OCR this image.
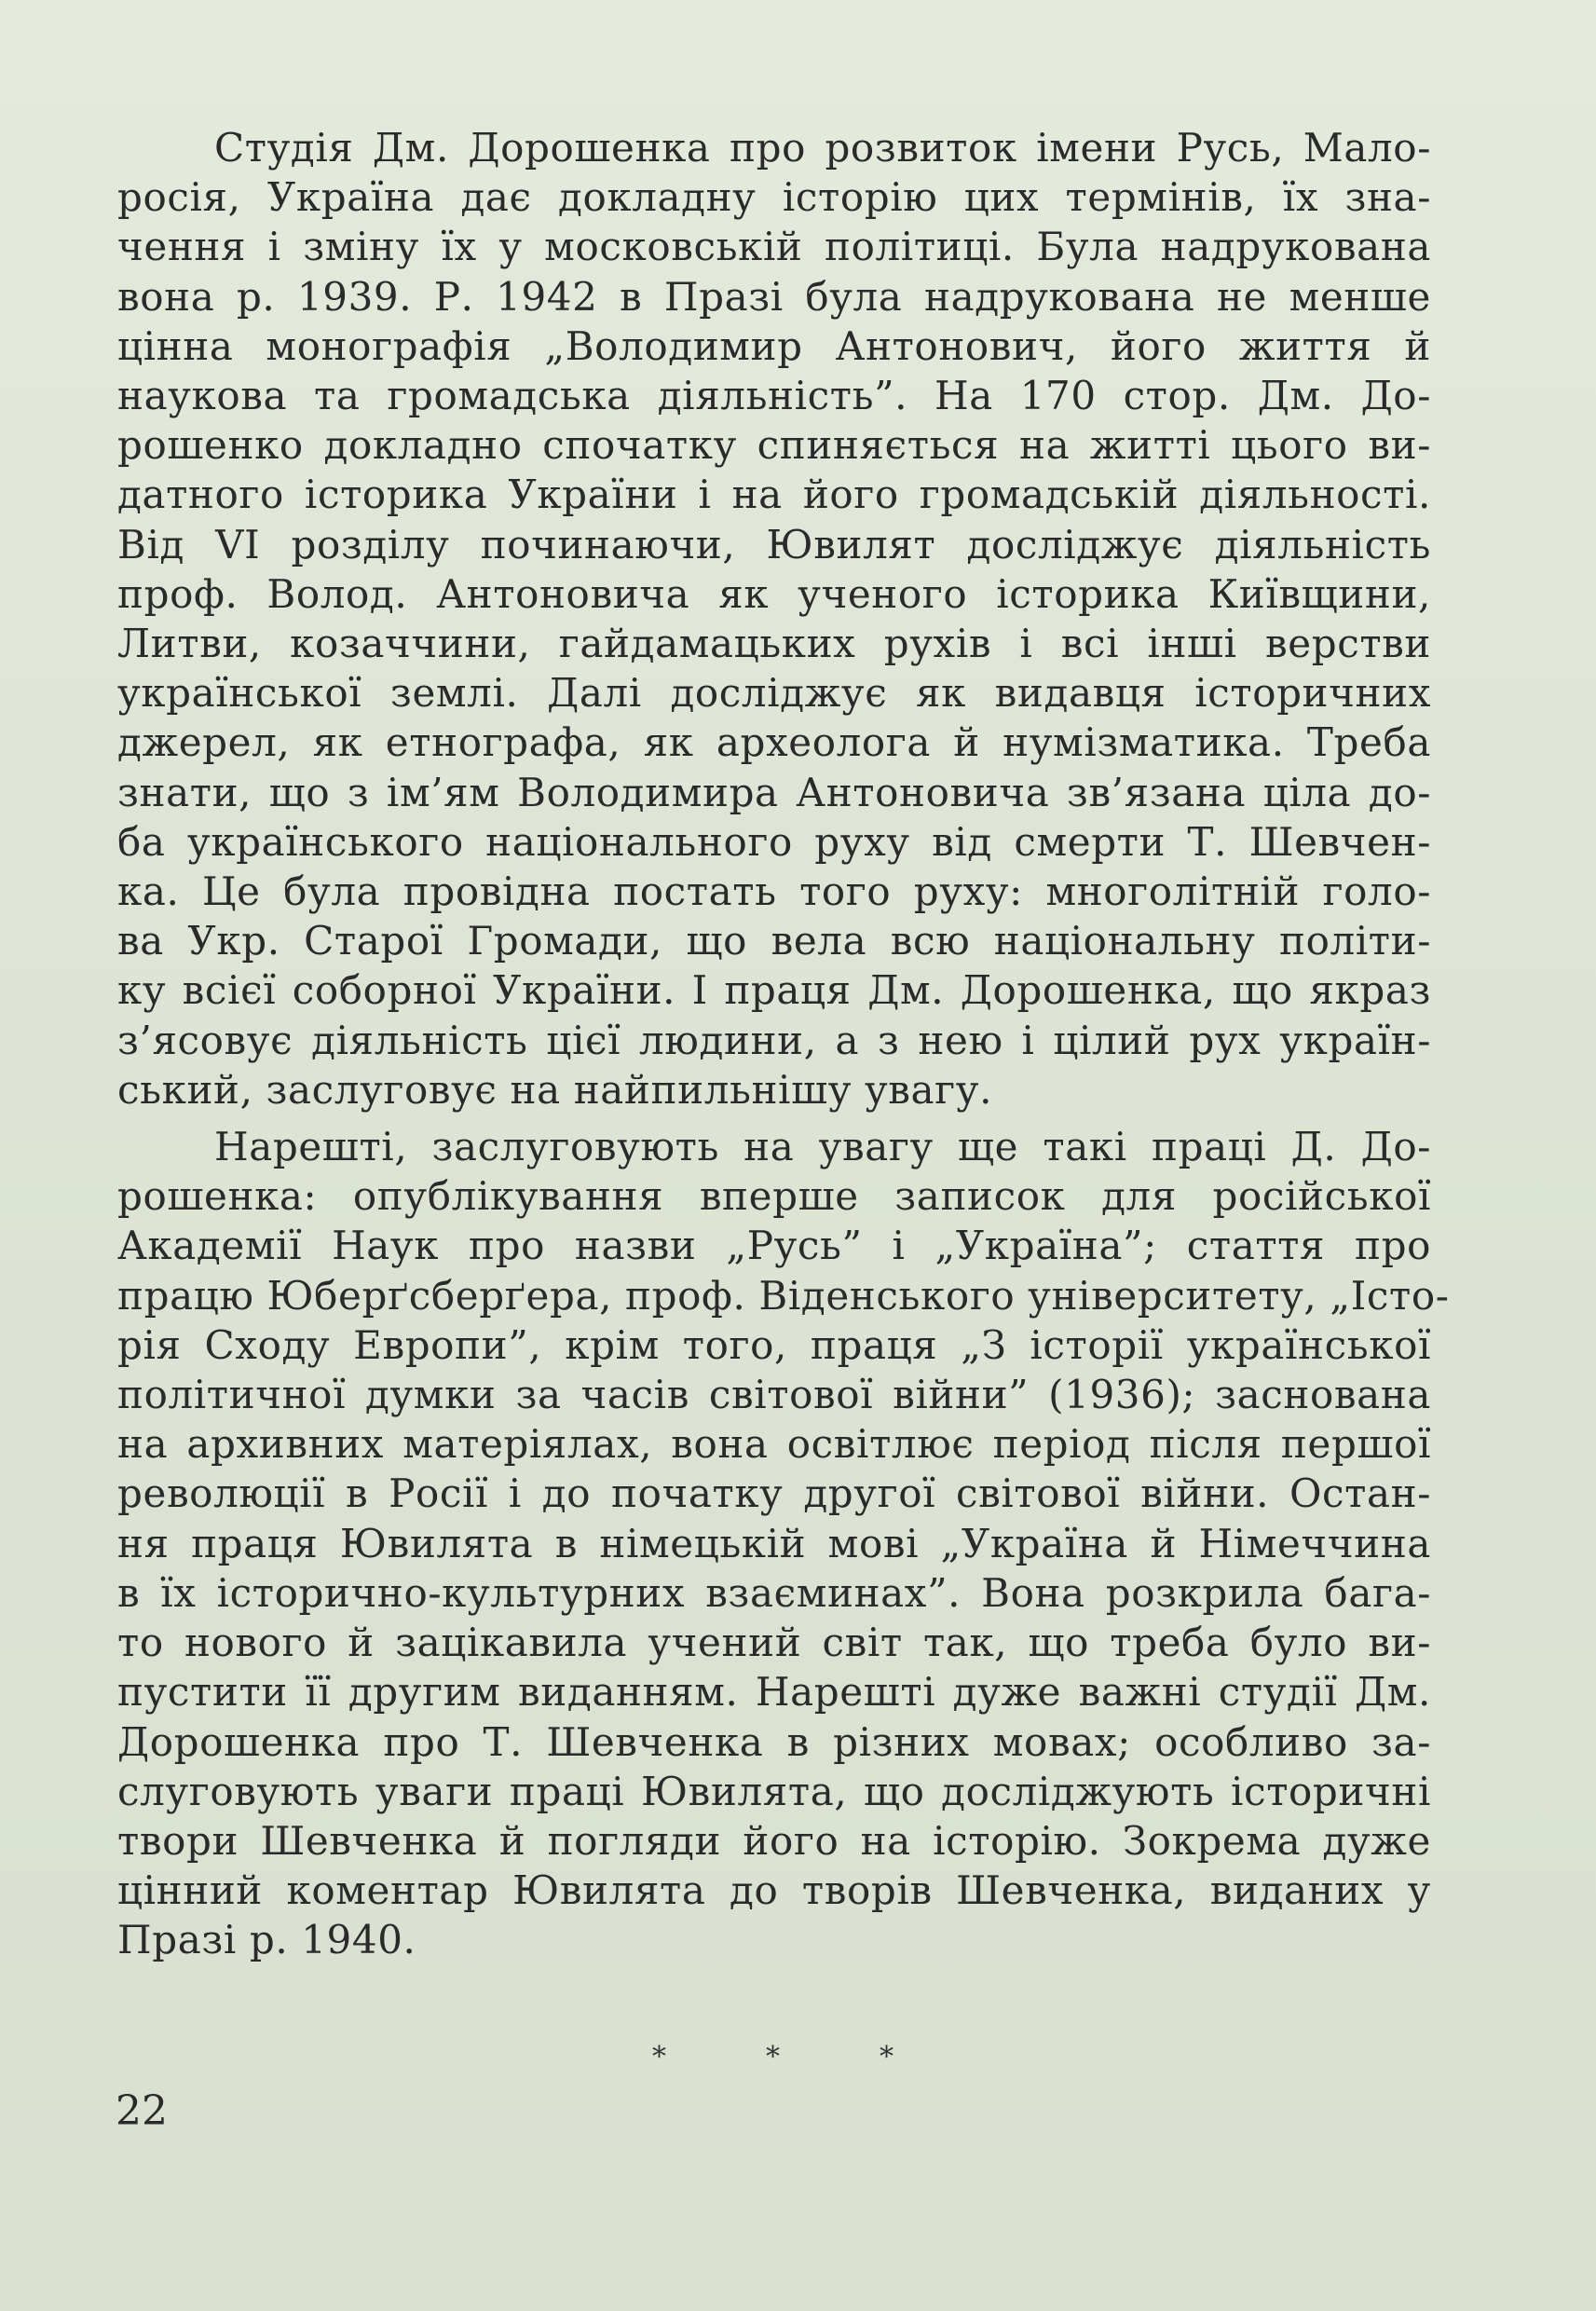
Студія Дм. Дорошенка про розвиток імени Русь, Мало-
росія, Україна дає докладну історію цих термінів, їх зна-
чення і зміну їх у московській політиці. Була надрукована
вона р. 1939. Р. 1942 в Празі була надрукована не менше
цінна монографія „Володимир Антонович, його життя й
наукова та громадська діяльність”. На 170 стор. Дм. До-
рошенко докладно спочатку спиняється на житті цього ви-
датного історика України і на його громадській діяльності.
Від VI розділу починаючи, Ювилят досліджує діяльність
проф. Волод. Антоновича як ученого історика Київщини,
Литви, козаччини, гайдамацьких рухів і всі інші верстви
української землі. Далі досліджує як видавця історичних
джерел, як етнографа, як археолога й нумізматика. Треба
знати, що з ім’ям Володимира Антоновича зв’язана ціла до-
ба українського національного руху від смерти Т. Шевчен-
ка. Це була провідна постать того руху: многолітній голо-
ва Укр. Старої Громади, що вела всю національну політи-
ку всієї соборної України. І праця Дм. Дорошенка, що якраз
з’ясовує діяльність цієї людини, а з нею і цілий рух україн-
ський, заслуговує на найпильнішу увагу.
Нарешті, заслуговують на увагу ще такі праці Д. До-
рошенка: опублікування вперше записок для російської
Академії Наук про назви „Русь” і „Україна”; стаття про
працю Юберґсберґера, проф. Віденського університету, „Істо-
рія Сходу Европи”, крім того, праця „З історії української
політичної думки за часів світової війни” (1936); заснована
на архивних матеріялах, вона освітлює період після першої
революції в Росії і до початку другої світової війни. Остан-
ня праця Ювилята в німецькій мові „Україна й Німеччина
в їх історично-культурних взаєминах”. Вона розкрила бага-
то нового й зацікавила учений світ так, що треба було ви-
пустити її другим виданням. Нарешті дуже важні студії Дм.
Дорошенка про Т. Шевченка в різних мовах; особливо за-
слуговують уваги праці Ювилята, що досліджують історичні
твори Шевченка й погляди його на історію. Зокрема дуже
цінний коментар Ювилята до творів Шевченка, виданих у
Празі р. 1940.
*	*	*
22
